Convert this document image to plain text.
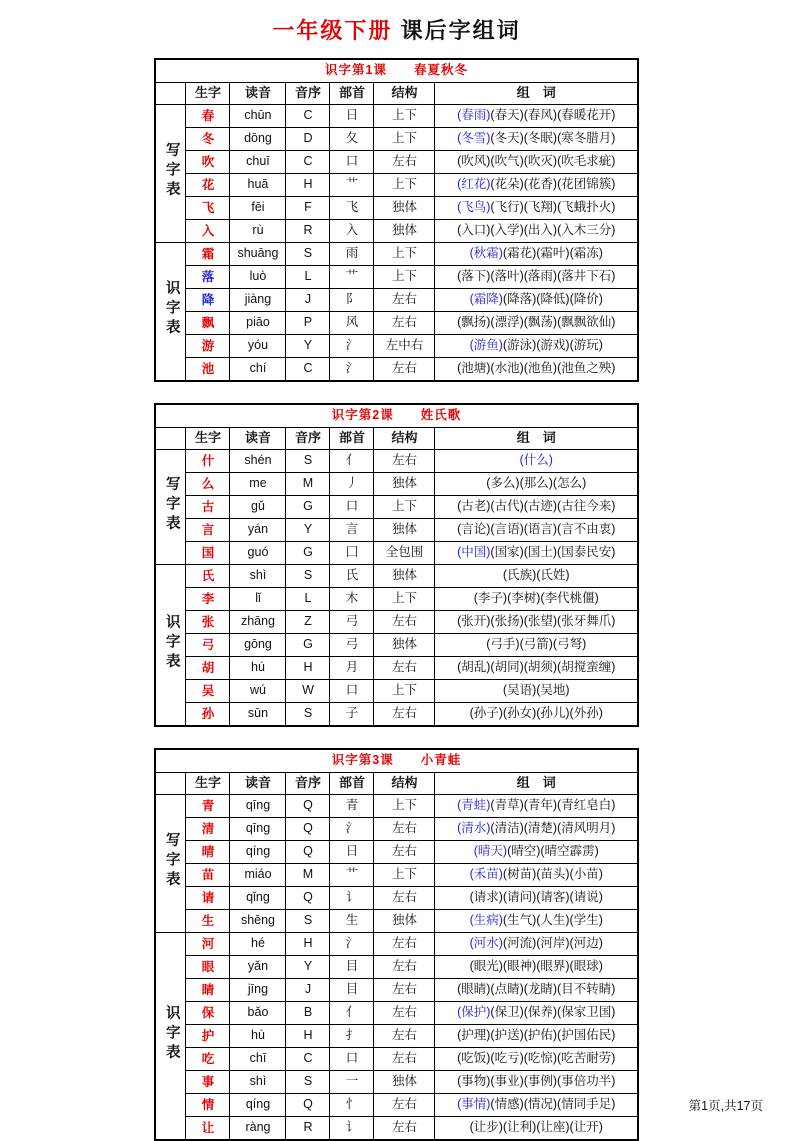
一年级下册 课后字组词
识字第1课　　春夏秋冬						
	生字	读音	音序	部首	结构	组　词
写字表	春	chūn	C	日	上下	(春雨)(春天)(春风)(春暖花开)
	冬	dōng	D	夂	上下	(冬雪)(冬天)(冬眠)(寒冬腊月)
	吹	chuī	C	口	左右	(吹风)(吹气)(吹灭)(吹毛求疵)
	花	huā	H	艹	上下	(红花)(花朵)(花香)(花团锦簇)
	飞	fēi	F	飞	独体	(飞鸟)(飞行)(飞翔)(飞蛾扑火)
	入	rù	R	入	独体	(入口)(入学)(出入)(入木三分)
识字表	霜	shuāng	S	雨	上下	(秋霜)(霜花)(霜叶)(霜冻)
	落	luò	L	艹	上下	(落下)(落叶)(落雨)(落井下石)
	降	jiàng	J	阝	左右	(霜降)(降落)(降低)(降价)
	飘	piāo	P	风	左右	(飘扬)(漂浮)(飘荡)(飘飘欲仙)
	游	yóu	Y	氵	左中右	(游鱼)(游泳)(游戏)(游玩)
	池	chí	C	氵	左右	(池塘)(水池)(池鱼)(池鱼之殃)
识字第2课　　姓氏歌						
	生字	读音	音序	部首	结构	组　词
写字表	什	shén	S	亻	左右	(什么)
	么	me	M	丿	独体	(多么)(那么)(怎么)
	古	gǔ	G	口	上下	(古老)(古代)(古迹)(古往今来)
	言	yán	Y	言	独体	(言论)(言语)(语言)(言不由衷)
	国	guó	G	囗	全包围	(中国)(国家)(国土)(国泰民安)
识字表	氏	shì	S	氏	独体	(氏族)(氏姓)
	李	lǐ	L	木	上下	(李子)(李树)(李代桃僵)
	张	zhāng	Z	弓	左右	(张开)(张扬)(张望)(张牙舞爪)
	弓	gōng	G	弓	独体	(弓手)(弓箭)(弓弩)
	胡	hú	H	月	左右	(胡乱)(胡同)(胡须)(胡搅蛮缠)
	吴	wú	W	口	上下	(吴语)(吴地)
	孙	sūn	S	子	左右	(孙子)(孙女)(孙儿)(外孙)
识字第3课　　小青蛙						
	生字	读音	音序	部首	结构	组　词
写字表	青	qīng	Q	青	上下	(青蛙)(青草)(青年)(青红皂白)
	清	qīng	Q	氵	左右	(清水)(清洁)(清楚)(清风明月)
	晴	qíng	Q	日	左右	(晴天)(晴空)(晴空霹雳)
	苗	miáo	M	艹	上下	(禾苗)(树苗)(苗头)(小苗)
	请	qǐng	Q	讠	左右	(请求)(请问)(请客)(请说)
	生	shēng	S	生	独体	(生病)(生气)(人生)(学生)
识字表	河	hé	H	氵	左右	(河水)(河流)(河岸)(河边)
	眼	yǎn	Y	目	左右	(眼光)(眼神)(眼界)(眼球)
	睛	jīng	J	目	左右	(眼睛)(点睛)(龙睛)(目不转睛)
	保	bǎo	B	亻	左右	(保护)(保卫)(保养)(保家卫国)
	护	hù	H	扌	左右	(护理)(护送)(护佑)(护国佑民)
	吃	chī	C	口	左右	(吃饭)(吃亏)(吃惊)(吃苦耐劳)
	事	shì	S	一	独体	(事物)(事业)(事例)(事倍功半)
	情	qíng	Q	忄	左右	(事情)(情感)(情况)(情同手足)
	让	ràng	R	讠	左右	(让步)(让利)(让座)(让开)
第1页,共17页
